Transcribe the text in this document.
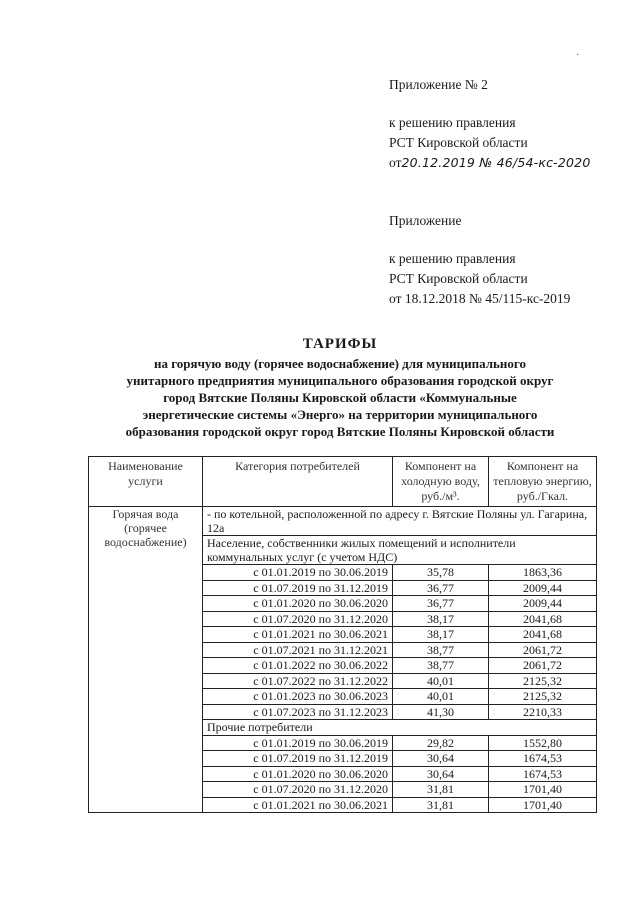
·
Приложение № 2
к решению правления
РСТ Кировской области
от20.12.2019 № 46/54-кс-2020
Приложение
к решению правления
РСТ Кировской области
от 18.12.2018 № 45/115-кс-2019
ТАРИФЫ
на горячую воду (горячее водоснабжение) для муниципального
унитарного предприятия муниципального образования городской округ
город Вятские Поляны Кировской области «Коммунальные
энергетические системы «Энерго» на территории муниципального
образования городской округ город Вятские Поляны Кировской области
Наименование услуги	Категория потребителей	Компонент на холодную воду, руб./м³.	Компонент на тепловую энергию, руб./Гкал.
Горячая вода (горячее водоснабжение)	- по котельной, расположенной по адресу г. Вятские Поляны ул. Гагарина, 12а		
	Население, собственники жилых помещений и исполнители коммунальных услуг (с учетом НДС)		
	с 01.01.2019 по 30.06.2019	35,78	1863,36
	с 01.07.2019 по 31.12.2019	36,77	2009,44
	с 01.01.2020 по 30.06.2020	36,77	2009,44
	с 01.07.2020 по 31.12.2020	38,17	2041,68
	с 01.01.2021 по 30.06.2021	38,17	2041,68
	с 01.07.2021 по 31.12.2021	38,77	2061,72
	с 01.01.2022 по 30.06.2022	38,77	2061,72
	с 01.07.2022 по 31.12.2022	40,01	2125,32
	с 01.01.2023 по 30.06.2023	40,01	2125,32
	с 01.07.2023 по 31.12.2023	41,30	2210,33
	Прочие потребители		
	с 01.01.2019 по 30.06.2019	29,82	1552,80
	с 01.07.2019 по 31.12.2019	30,64	1674,53
	с 01.01.2020 по 30.06.2020	30,64	1674,53
	с 01.07.2020 по 31.12.2020	31,81	1701,40
	с 01.01.2021 по 30.06.2021	31,81	1701,40
